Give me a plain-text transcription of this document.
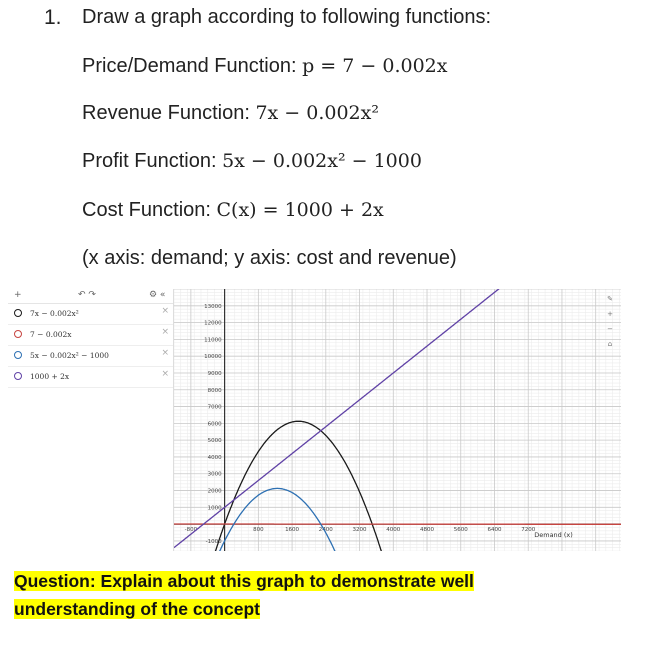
1. Draw a graph according to following functions:
Price/Demand Function: p = 7 − 0.002x
Revenue Function: 7x − 0.002x²
Profit Function: 5x − 0.002x² − 1000
Cost Function: C(x) = 1000 + 2x
(x axis: demand; y axis: cost and revenue)
+	↶ ↷	⚙ «
7x − 0.002x²	×
7 − 0.002x	×
5x − 0.002x² − 1000	×
1000 + 2x	×
-800	800	1600	2400	3200	4000	4800	5600	6400	7200
13000
12000
11000
10000
9000
8000
7000
6000
5000
4000
3000
2000
1000
-1000
Demand (x)
✎
+
−
⌂
Question: Explain about this graph to demonstrate well
understanding of the concept
